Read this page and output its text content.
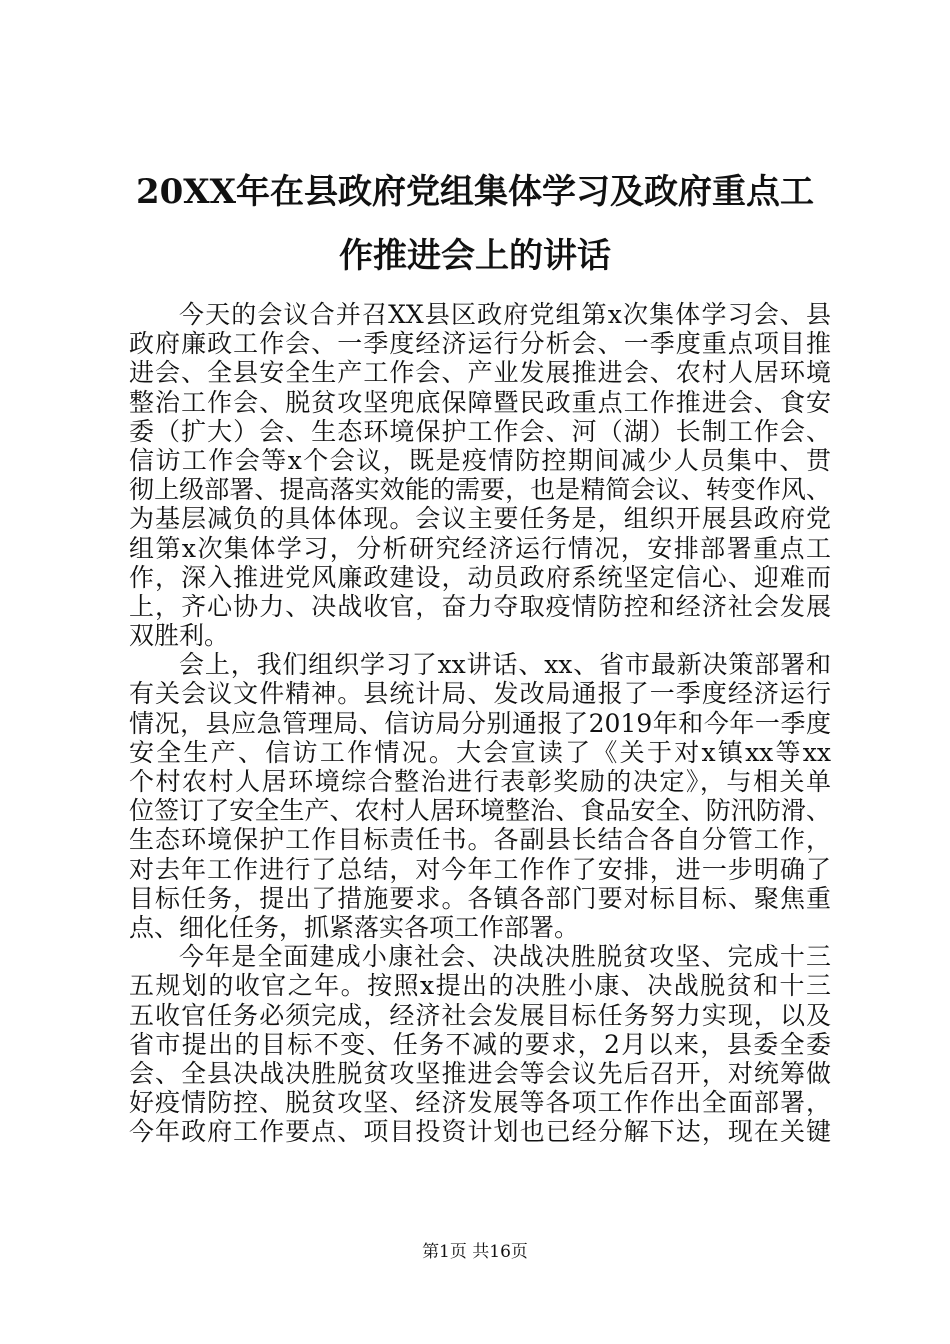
20XX年在县政府党组集体学习及政府重点工
作推进会上的讲话

今天的会议合并召XX县区政府党组第x次集体学习会、县
政府廉政工作会、一季度经济运行分析会、一季度重点项目推
进会、全县安全生产工作会、产业发展推进会、农村人居环境
整治工作会、脱贫攻坚兜底保障暨民政重点工作推进会、食安
委（扩大）会、生态环境保护工作会、河（湖）长制工作会、
信访工作会等x个会议，既是疫情防控期间减少人员集中、贯
彻上级部署、提高落实效能的需要，也是精简会议、转变作风、
为基层减负的具体体现。会议主要任务是，组织开展县政府党
组第x次集体学习，分析研究经济运行情况，安排部署重点工
作，深入推进党风廉政建设，动员政府系统坚定信心、迎难而
上，齐心协力、决战收官，奋力夺取疫情防控和经济社会发展
双胜利。

会上，我们组织学习了xx讲话、xx、省市最新决策部署和
有关会议文件精神。县统计局、发改局通报了一季度经济运行
情况，县应急管理局、信访局分别通报了2019年和今年一季度
安全生产、信访工作情况。大会宣读了《关于对x镇xx等xx
个村农村人居环境综合整治进行表彰奖励的决定》，与相关单
位签订了安全生产、农村人居环境整治、食品安全、防汛防滑、
生态环境保护工作目标责任书。各副县长结合各自分管工作，
对去年工作进行了总结，对今年工作作了安排，进一步明确了
目标任务，提出了措施要求。各镇各部门要对标目标、聚焦重
点、细化任务，抓紧落实各项工作部署。

今年是全面建成小康社会、决战决胜脱贫攻坚、完成十三
五规划的收官之年。按照x提出的决胜小康、决战脱贫和十三
五收官任务必须完成，经济社会发展目标任务努力实现，以及
省市提出的目标不变、任务不减的要求，2月以来，县委全委
会、全县决战决胜脱贫攻坚推进会等会议先后召开，对统筹做
好疫情防控、脱贫攻坚、经济发展等各项工作作出全面部署，
今年政府工作要点、项目投资计划也已经分解下达，现在关键

第1页 共16页
